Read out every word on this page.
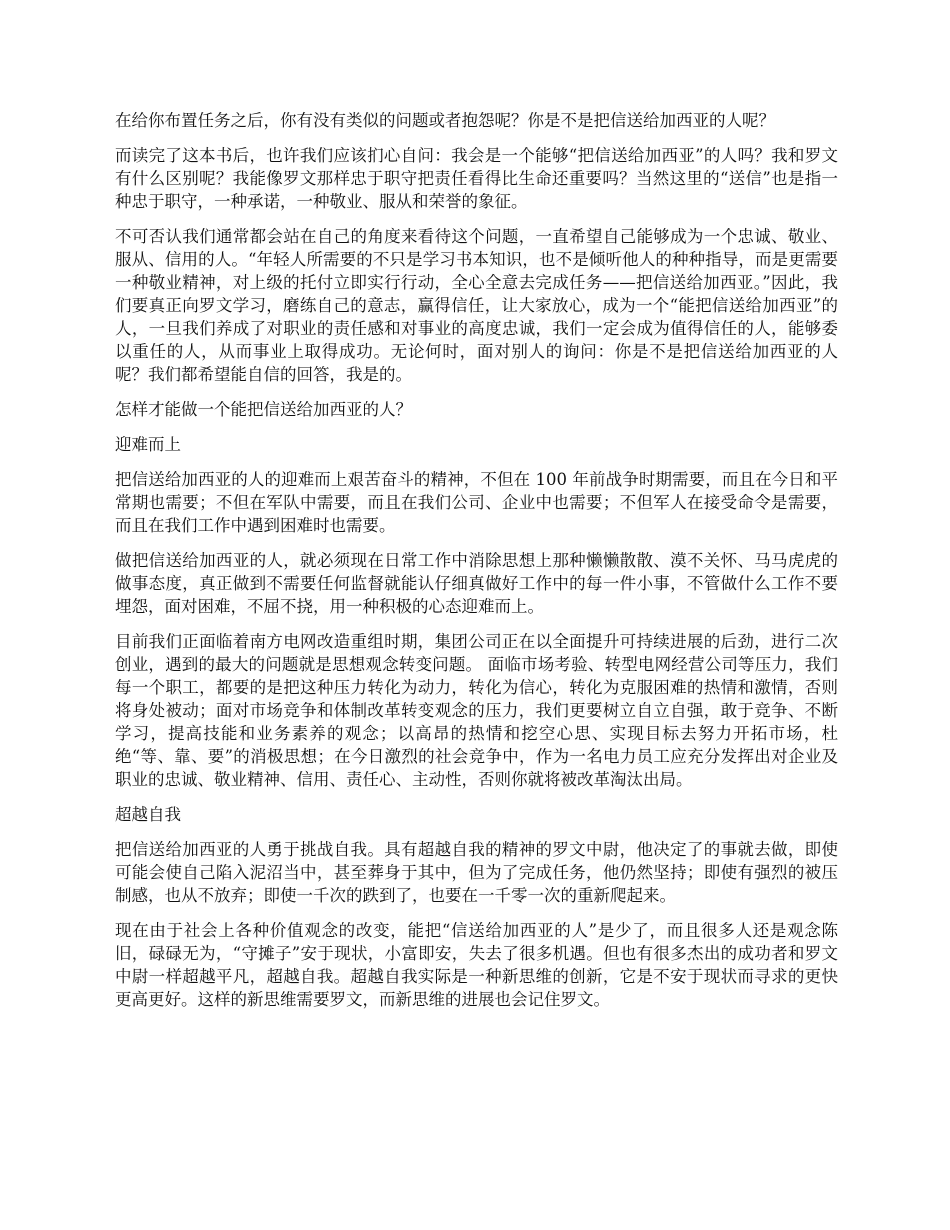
在给你布置任务之后，你有没有类似的问题或者抱怨呢？你是不是把信送给加西亚的人呢？

而读完了这本书后，也许我们应该扪心自问：我会是一个能够“把信送给加西亚”的人吗？我和罗文有什么区别呢？我能像罗文那样忠于职守把责任看得比生命还重要吗？当然这里的“送信”也是指一种忠于职守，一种承诺，一种敬业、服从和荣誉的象征。

不可否认我们通常都会站在自己的角度来看待这个问题，一直希望自己能够成为一个忠诚、敬业、服从、信用的人。“年轻人所需要的不只是学习书本知识，也不是倾听他人的种种指导，而是更需要一种敬业精神，对上级的托付立即实行行动，全心全意去完成任务——把信送给加西亚。”因此，我们要真正向罗文学习，磨练自己的意志，赢得信任，让大家放心，成为一个“能把信送给加西亚”的人，一旦我们养成了对职业的责任感和对事业的高度忠诚，我们一定会成为值得信任的人，能够委以重任的人，从而事业上取得成功。无论何时，面对别人的询问：你是不是把信送给加西亚的人呢？我们都希望能自信的回答，我是的。

怎样才能做一个能把信送给加西亚的人？

迎难而上

把信送给加西亚的人的迎难而上艰苦奋斗的精神，不但在 100 年前战争时期需要，而且在今日和平常期也需要；不但在军队中需要，而且在我们公司、企业中也需要；不但军人在接受命令是需要，而且在我们工作中遇到困难时也需要。

做把信送给加西亚的人，就必须现在日常工作中消除思想上那种懒懒散散、漠不关怀、马马虎虎的做事态度，真正做到不需要任何监督就能认仔细真做好工作中的每一件小事，不管做什么工作不要埋怨，面对困难，不屈不挠，用一种积极的心态迎难而上。

目前我们正面临着南方电网改造重组时期，集团公司正在以全面提升可持续进展的后劲，进行二次创业，遇到的最大的问题就是思想观念转变问题。 面临市场考验、转型电网经营公司等压力，我们每一个职工，都要的是把这种压力转化为动力，转化为信心，转化为克服困难的热情和激情，否则将身处被动；面对市场竞争和体制改革转变观念的压力，我们更要树立自立自强，敢于竞争、不断学习，提高技能和业务素养的观念；以高昂的热情和挖空心思、实现目标去努力开拓市场，杜绝“等、靠、要”的消极思想；在今日激烈的社会竞争中，作为一名电力员工应充分发挥出对企业及职业的忠诚、敬业精神、信用、责任心、主动性，否则你就将被改革淘汰出局。

超越自我

把信送给加西亚的人勇于挑战自我。具有超越自我的精神的罗文中尉，他决定了的事就去做，即使可能会使自己陷入泥沼当中，甚至葬身于其中，但为了完成任务，他仍然坚持；即使有强烈的被压制感，也从不放弃；即使一千次的跌到了，也要在一千零一次的重新爬起来。

现在由于社会上各种价值观念的改变，能把“信送给加西亚的人”是少了，而且很多人还是观念陈旧，碌碌无为，“守摊子”安于现状，小富即安，失去了很多机遇。但也有很多杰出的成功者和罗文中尉一样超越平凡，超越自我。超越自我实际是一种新思维的创新，它是不安于现状而寻求的更快更高更好。这样的新思维需要罗文，而新思维的进展也会记住罗文。
